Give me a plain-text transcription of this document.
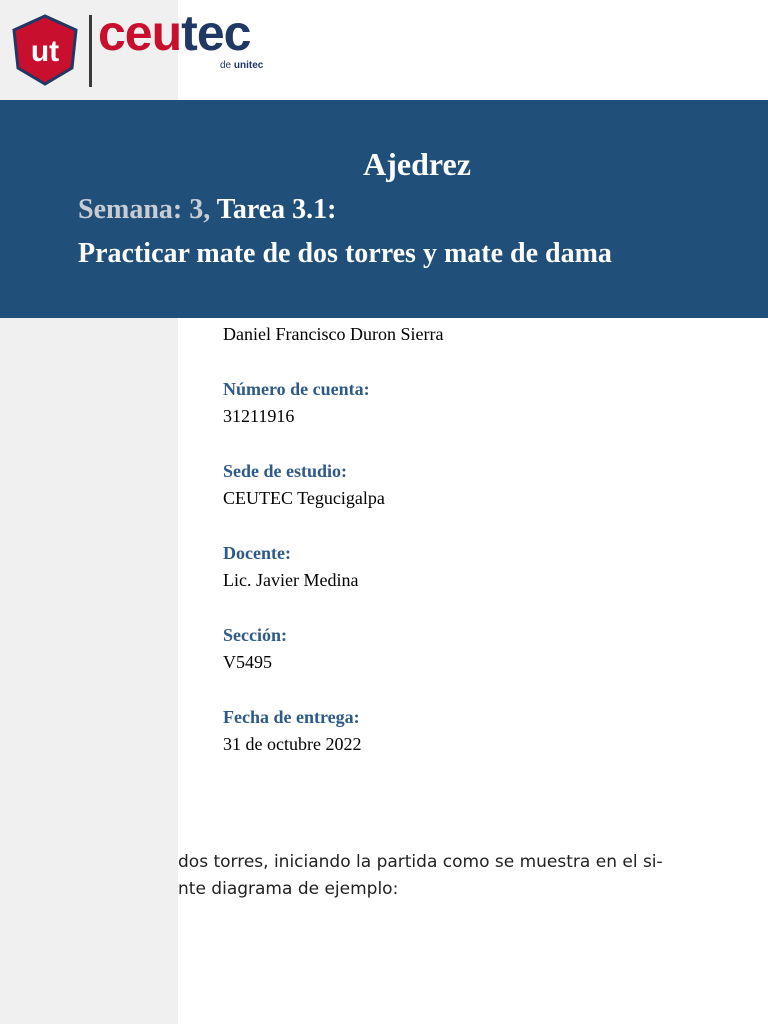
ut ceutec
de unitec
Ajedrez
Semana: 3, Tarea 3.1:
Practicar mate de dos torres y mate de dama
Daniel Francisco Duron Sierra
Número de cuenta:
31211916
Sede de estudio:
CEUTEC Tegucigalpa
Docente:
Lic. Javier Medina
Sección:
V5495
Fecha de entrega:
31 de octubre 2022
dos torres, iniciando la partida como se muestra en el si-
nte diagrama de ejemplo:
